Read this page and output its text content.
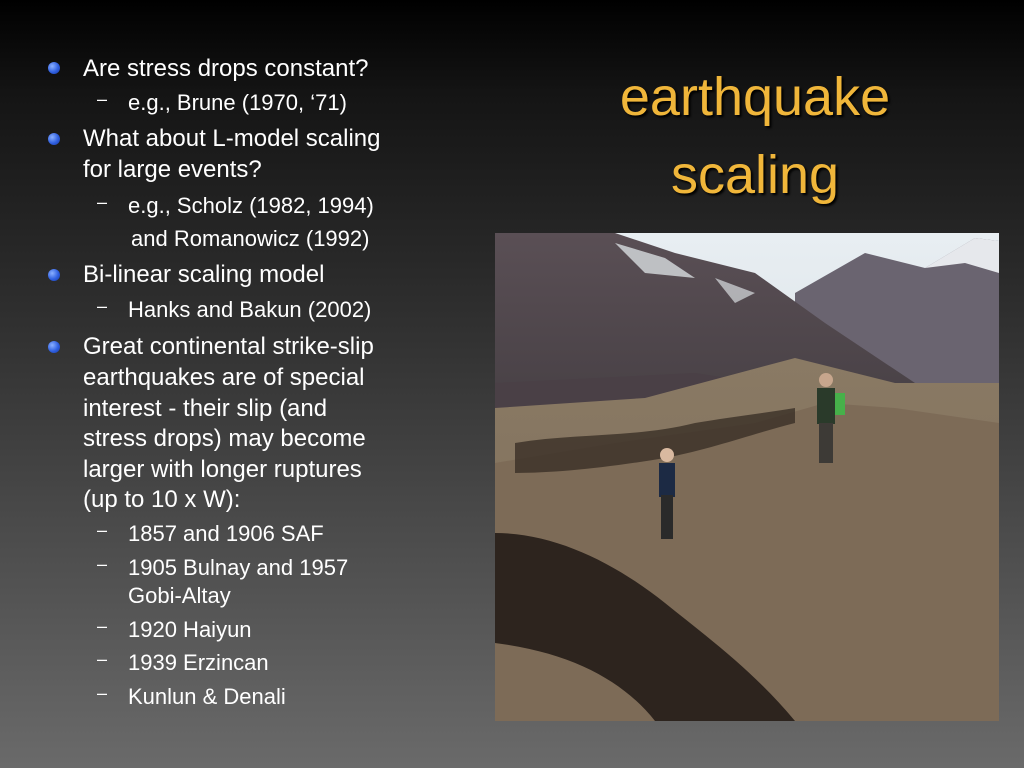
earthquake
scaling
Are stress drops constant?
– e.g., Brune (1970, ‘71)
What about L-model scaling
for large events?
– e.g., Scholz (1982, 1994)
and Romanowicz (1992)
Bi-linear scaling model
– Hanks and Bakun (2002)
Great continental strike-slip
earthquakes are of special
interest - their slip (and
stress drops) may become
larger with longer ruptures
(up to 10 x W):
– 1857 and 1906 SAF
– 1905 Bulnay and 1957
Gobi-Altay
– 1920 Haiyun
– 1939 Erzincan
– Kunlun & Denali
